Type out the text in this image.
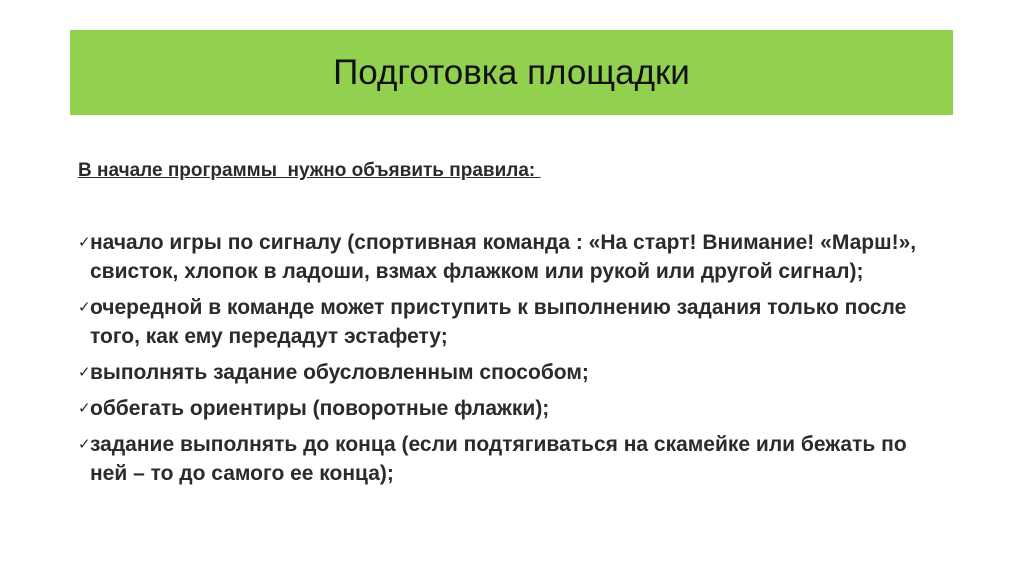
Подготовка площадки
В начале программы  нужно объявить правила:
✓ начало игры по сигналу (спортивная команда : «На старт! Внимание! «Марш!», свисток, хлопок в ладоши, взмах флажком или рукой или другой сигнал);
✓ очередной в команде может приступить к выполнению задания только после того, как ему передадут эстафету;
✓ выполнять задание обусловленным способом;
✓ оббегать ориентиры (поворотные флажки);
✓ задание выполнять до конца (если подтягиваться на скамейке или бежать по ней – то до самого ее конца);
